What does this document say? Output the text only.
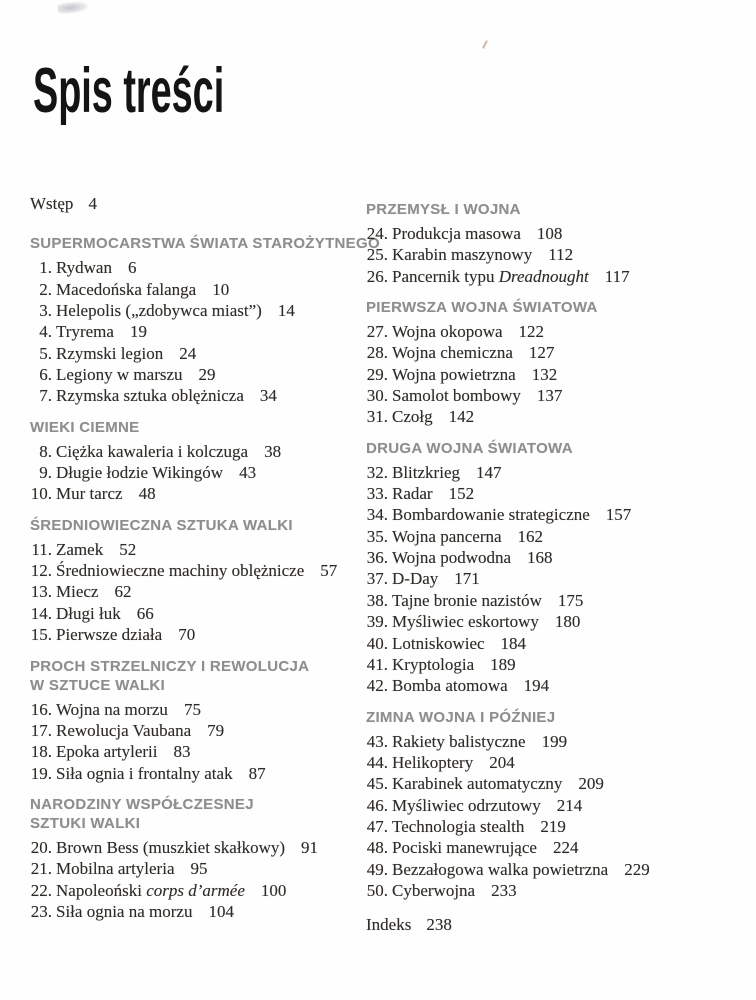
Spis treści
Wstęp 4
SUPERMOCARSTWA ŚWIATA STAROŻYTNEGO
1. Rydwan 6
2. Macedońska falanga 10
3. Helepolis („zdobywca miast”) 14
4. Tryrema 19
5. Rzymski legion 24
6. Legiony w marszu 29
7. Rzymska sztuka oblężnicza 34
WIEKI CIEMNE
8. Ciężka kawaleria i kolczuga 38
9. Długie łodzie Wikingów 43
10. Mur tarcz 48
ŚREDNIOWIECZNA SZTUKA WALKI
11. Zamek 52
12. Średniowieczne machiny oblężnicze 57
13. Miecz 62
14. Długi łuk 66
15. Pierwsze działa 70
PROCH STRZELNICZY I REWOLUCJA
W SZTUCE WALKI
16. Wojna na morzu 75
17. Rewolucja Vaubana 79
18. Epoka artylerii 83
19. Siła ognia i frontalny atak 87
NARODZINY WSPÓŁCZESNEJ
SZTUKI WALKI
20. Brown Bess (muszkiet skałkowy) 91
21. Mobilna artyleria 95
22. Napoleoński corps d’armée 100
23. Siła ognia na morzu 104
PRZEMYSŁ I WOJNA
24. Produkcja masowa 108
25. Karabin maszynowy 112
26. Pancernik typu Dreadnought 117
PIERWSZA WOJNA ŚWIATOWA
27. Wojna okopowa 122
28. Wojna chemiczna 127
29. Wojna powietrzna 132
30. Samolot bombowy 137
31. Czołg 142
DRUGA WOJNA ŚWIATOWA
32. Blitzkrieg 147
33. Radar 152
34. Bombardowanie strategiczne 157
35. Wojna pancerna 162
36. Wojna podwodna 168
37. D-Day 171
38. Tajne bronie nazistów 175
39. Myśliwiec eskortowy 180
40. Lotniskowiec 184
41. Kryptologia 189
42. Bomba atomowa 194
ZIMNA WOJNA I PÓŹNIEJ
43. Rakiety balistyczne 199
44. Helikoptery 204
45. Karabinek automatyczny 209
46. Myśliwiec odrzutowy 214
47. Technologia stealth 219
48. Pociski manewrujące 224
49. Bezzałogowa walka powietrzna 229
50. Cyberwojna 233
Indeks 238
